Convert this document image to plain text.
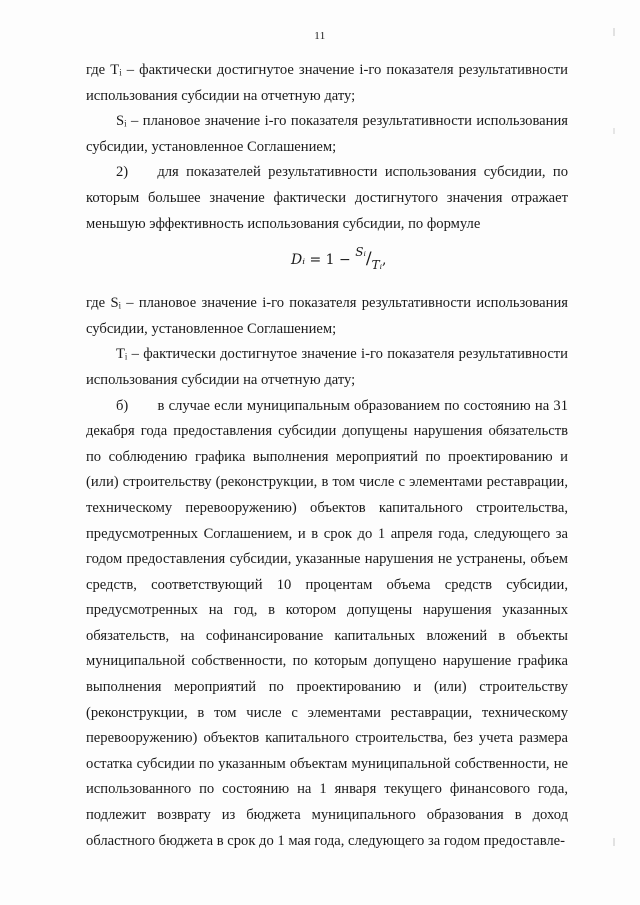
11

где Tᵢ – фактически достигнутое значение i-го показателя результативности использования субсидии на отчетную дату;

Sᵢ – плановое значение i-го показателя результативности использования субсидии, установленное Соглашением;

2)  для показателей результативности использования субсидии, по которым большее значение фактически достигнутого значения отражает меньшую эффективность использования субсидии, по формуле

Dᵢ = 1 − Sᵢ/Tᵢ,

где Sᵢ – плановое значение i-го показателя результативности использования субсидии, установленное Соглашением;

Tᵢ – фактически достигнутое значение i-го показателя результативности использования субсидии на отчетную дату;

б)  в случае если муниципальным образованием по состоянию на 31 декабря года предоставления субсидии допущены нарушения обязательств по соблюдению графика выполнения мероприятий по проектированию и (или) строительству (реконструкции, в том числе с элементами реставрации, техническому перевооружению) объектов капитального строительства, предусмотренных Соглашением, и в срок до 1 апреля года, следующего за годом предоставления субсидии, указанные нарушения не устранены, объем средств, соответствующий 10 процентам объема средств субсидии, предусмотренных на год, в котором допущены нарушения указанных обязательств, на софинансирование капитальных вложений в объекты муниципальной собственности, по которым допущено нарушение графика выполнения мероприятий по проектированию и (или) строительству (реконструкции, в том числе с элементами реставрации, техническому перевооружению) объектов капитального строительства, без учета размера остатка субсидии по указанным объектам муниципальной собственности, не использованного по состоянию на 1 января текущего финансового года, подлежит возврату из бюджета муниципального образования в доход областного бюджета в срок до 1 мая года, следующего за годом предоставле-
